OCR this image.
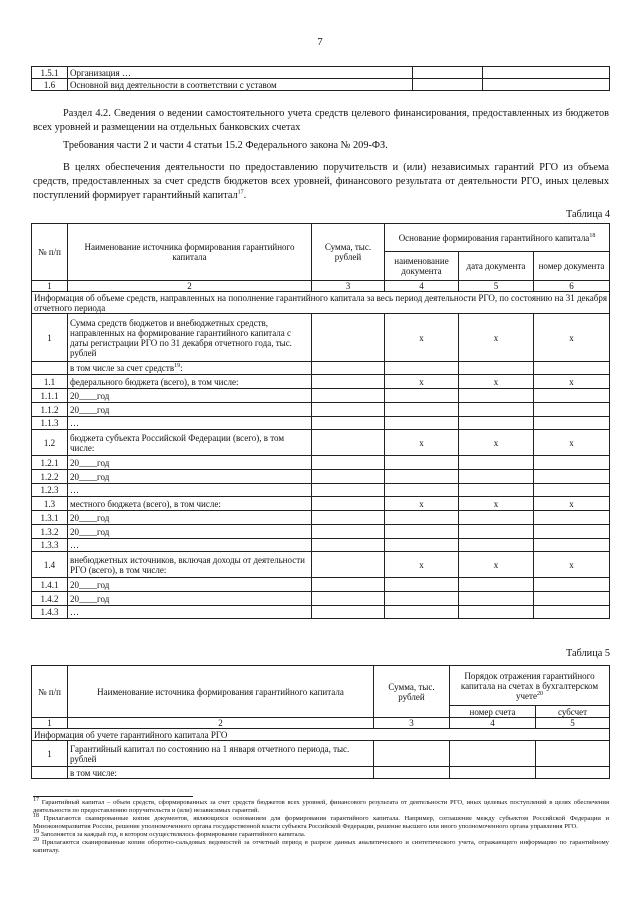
7
1.5.1	Организация …		
1.6	Основной вид деятельности в соответствии с уставом		
Раздел 4.2. Сведения о ведении самостоятельного учета средств целевого финансирования, предоставленных из бюджетов всех уровней и размещении на отдельных банковских счетах
Требования части 2 и части 4 статьи 15.2 Федерального закона № 209-ФЗ.
В целях обеспечения деятельности по предоставлению поручительств и (или) независимых гарантий РГО из объема средств, предоставленных за счет средств бюджетов всех уровней, финансового результата от деятельности РГО, иных целевых поступлений формирует гарантийный капитал$^{17}$.
Таблица 4
№ п/п	Наименование источника формирования гарантийного капитала	Сумма, тыс. рублей	Основание формирования гарантийного капитала$^{18}$
			наименование документа	дата документа	номер документа
1	2	3	4	5	6
Информация об объеме средств, направленных на пополнение гарантийного капитала за весь период деятельности РГО, по состоянию на 31 декабря отчетного периода					
1	Сумма средств бюджетов и внебюджетных средств, направленных на формирование гарантийного капитала с даты регистрации РГО по 31 декабря отчетного года, тыс. рублей		x	x	x
	в том числе за счет средств$^{19}$:				
1.1	федерального бюджета (всего), в том числе:		x	x	x
1.1.1	20____год				
1.1.2	20____год				
1.1.3	…				
1.2	бюджета субъекта Российской Федерации (всего), в том числе:		x	x	x
1.2.1	20____год				
1.2.2	20____год				
1.2.3	…				
1.3	местного бюджета (всего), в том числе:		x	x	x
1.3.1	20____год				
1.3.2	20____год				
1.3.3	…				
1.4	внебюджетных источников, включая доходы от деятельности РГО (всего), в том числе:		x	x	x
1.4.1	20____год				
1.4.2	20____год				
1.4.3	…				
Таблица 5
№ п/п	Наименование источника формирования гарантийного капитала	Сумма, тыс. рублей	Порядок отражения гарантийного капитала на счетах в бухгалтерском учете$^{20}$
			номер счета	субсчет
1	2	3	4	5
Информация об учете гарантийного капитала РГО				
1	Гарантийный капитал по состоянию на 1 января отчетного периода, тыс. рублей			
	в том числе:			
$^{17}$ Гарантийный капитал – объем средств, сформированных за счет средств бюджетов всех уровней, финансового результата от деятельности РГО, иных целевых поступлений в целях обеспечения деятельности по предоставлению поручительств и (или) независимых гарантий.
$^{18}$ Прилагаются сканированные копии документов, являющихся основанием для формирования гарантийного капитала. Например, соглашение между субъектом Российской Федерации и Минэкономразвития России, решение уполномоченного органа государственной власти субъекта Российской Федерации, решение высшего или иного уполномоченного органа управления РГО.
$^{19}$ Заполняется за каждый год, в котором осуществлялось формирование гарантийного капитала.
$^{20}$ Прилагаются сканированные копии оборотно-сальдовых ведомостей за отчетный период в разрезе данных аналитического и синтетического учета, отражающего информацию по гарантийному капиталу.
